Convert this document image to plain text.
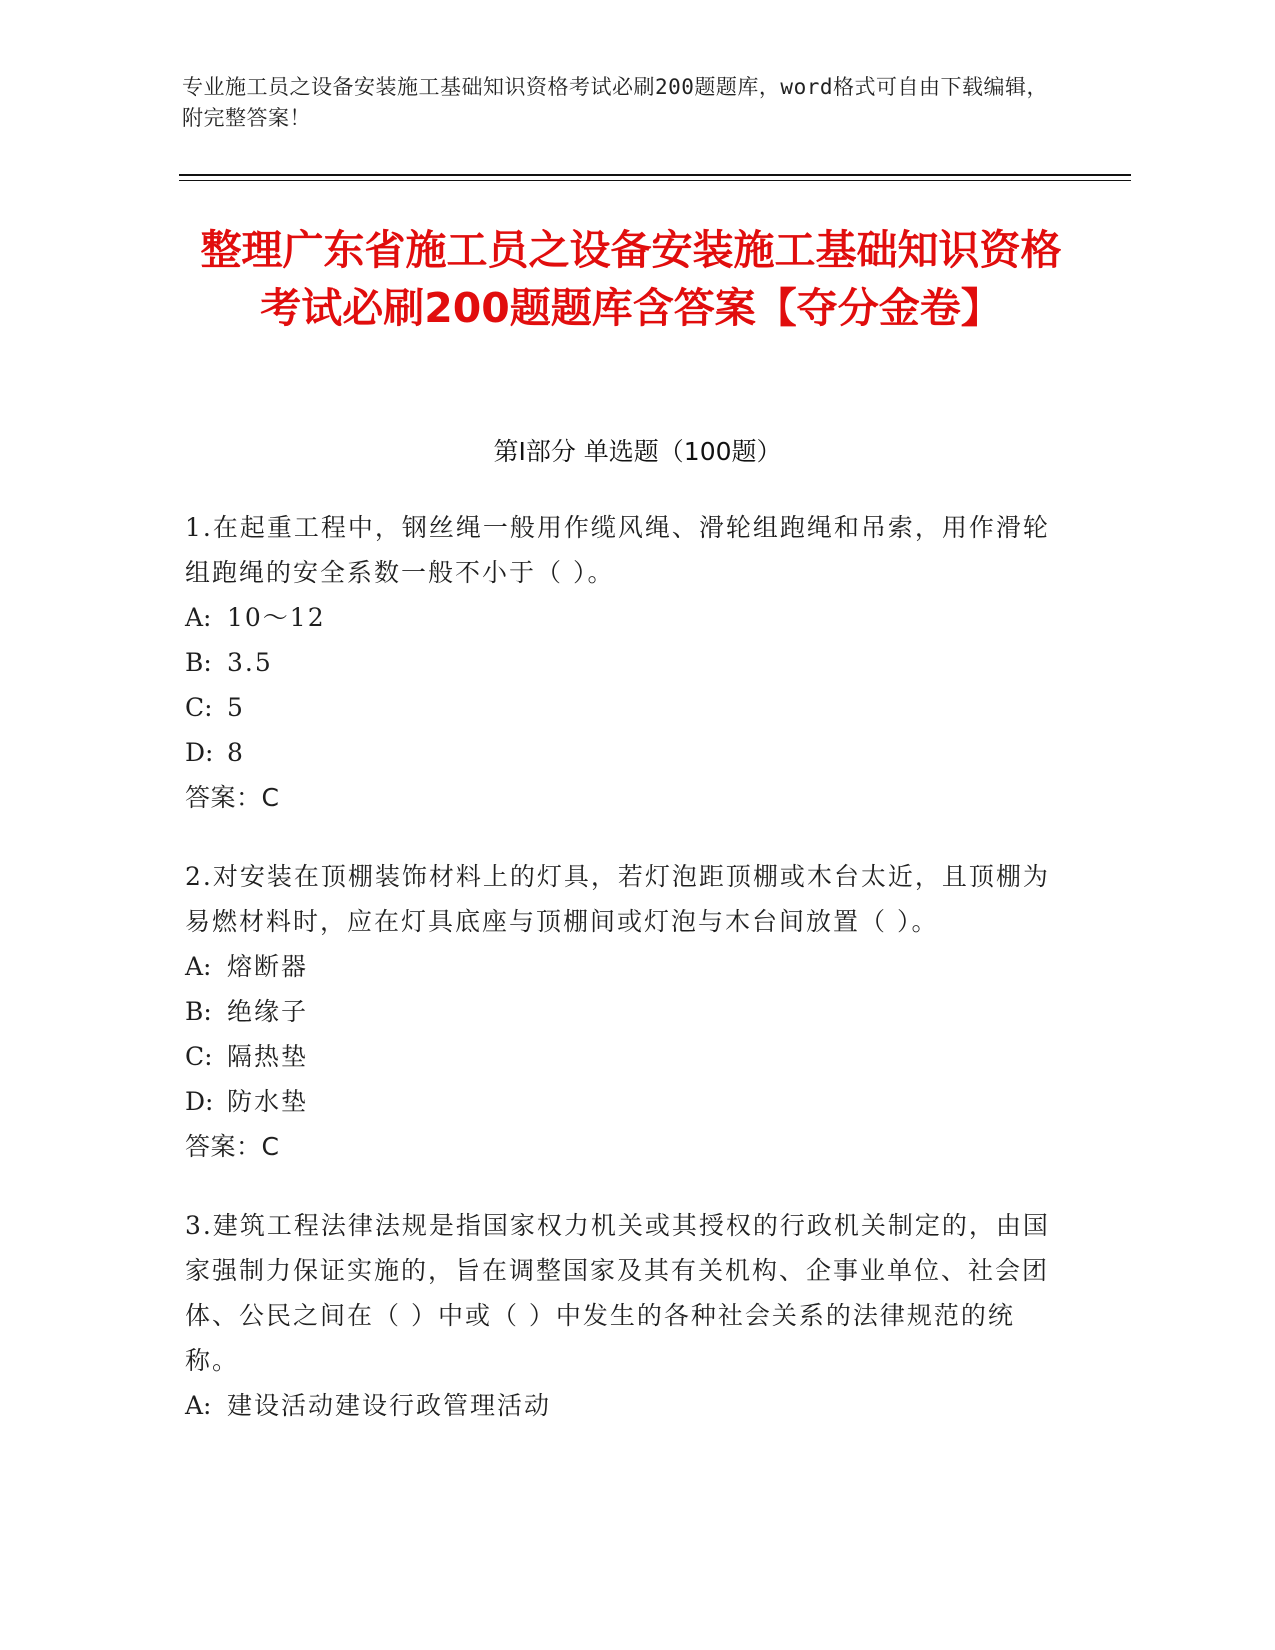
专业施工员之设备安装施工基础知识资格考试必刷200题题库，word格式可自由下载编辑，附完整答案！
整理广东省施工员之设备安装施工基础知识资格考试必刷200题题库含答案【夺分金卷】
第Ⅰ部分 单选题（100题）

1.在起重工程中，钢丝绳一般用作缆风绳、滑轮组跑绳和吊索，用作滑轮组跑绳的安全系数一般不小于（ ）。

A: 10～12

B: 3.5

C: 5

D: 8

答案：C

2.对安装在顶棚装饰材料上的灯具，若灯泡距顶棚或木台太近，且顶棚为易燃材料时，应在灯具底座与顶棚间或灯泡与木台间放置（ ）。

A: 熔断器

B: 绝缘子

C: 隔热垫

D: 防水垫

答案：C

3.建筑工程法律法规是指国家权力机关或其授权的行政机关制定的，由国家强制力保证实施的，旨在调整国家及其有关机构、企事业单位、社会团体、公民之间在（ ）中或（ ）中发生的各种社会关系的法律规范的统称。

A: 建设活动建设行政管理活动
